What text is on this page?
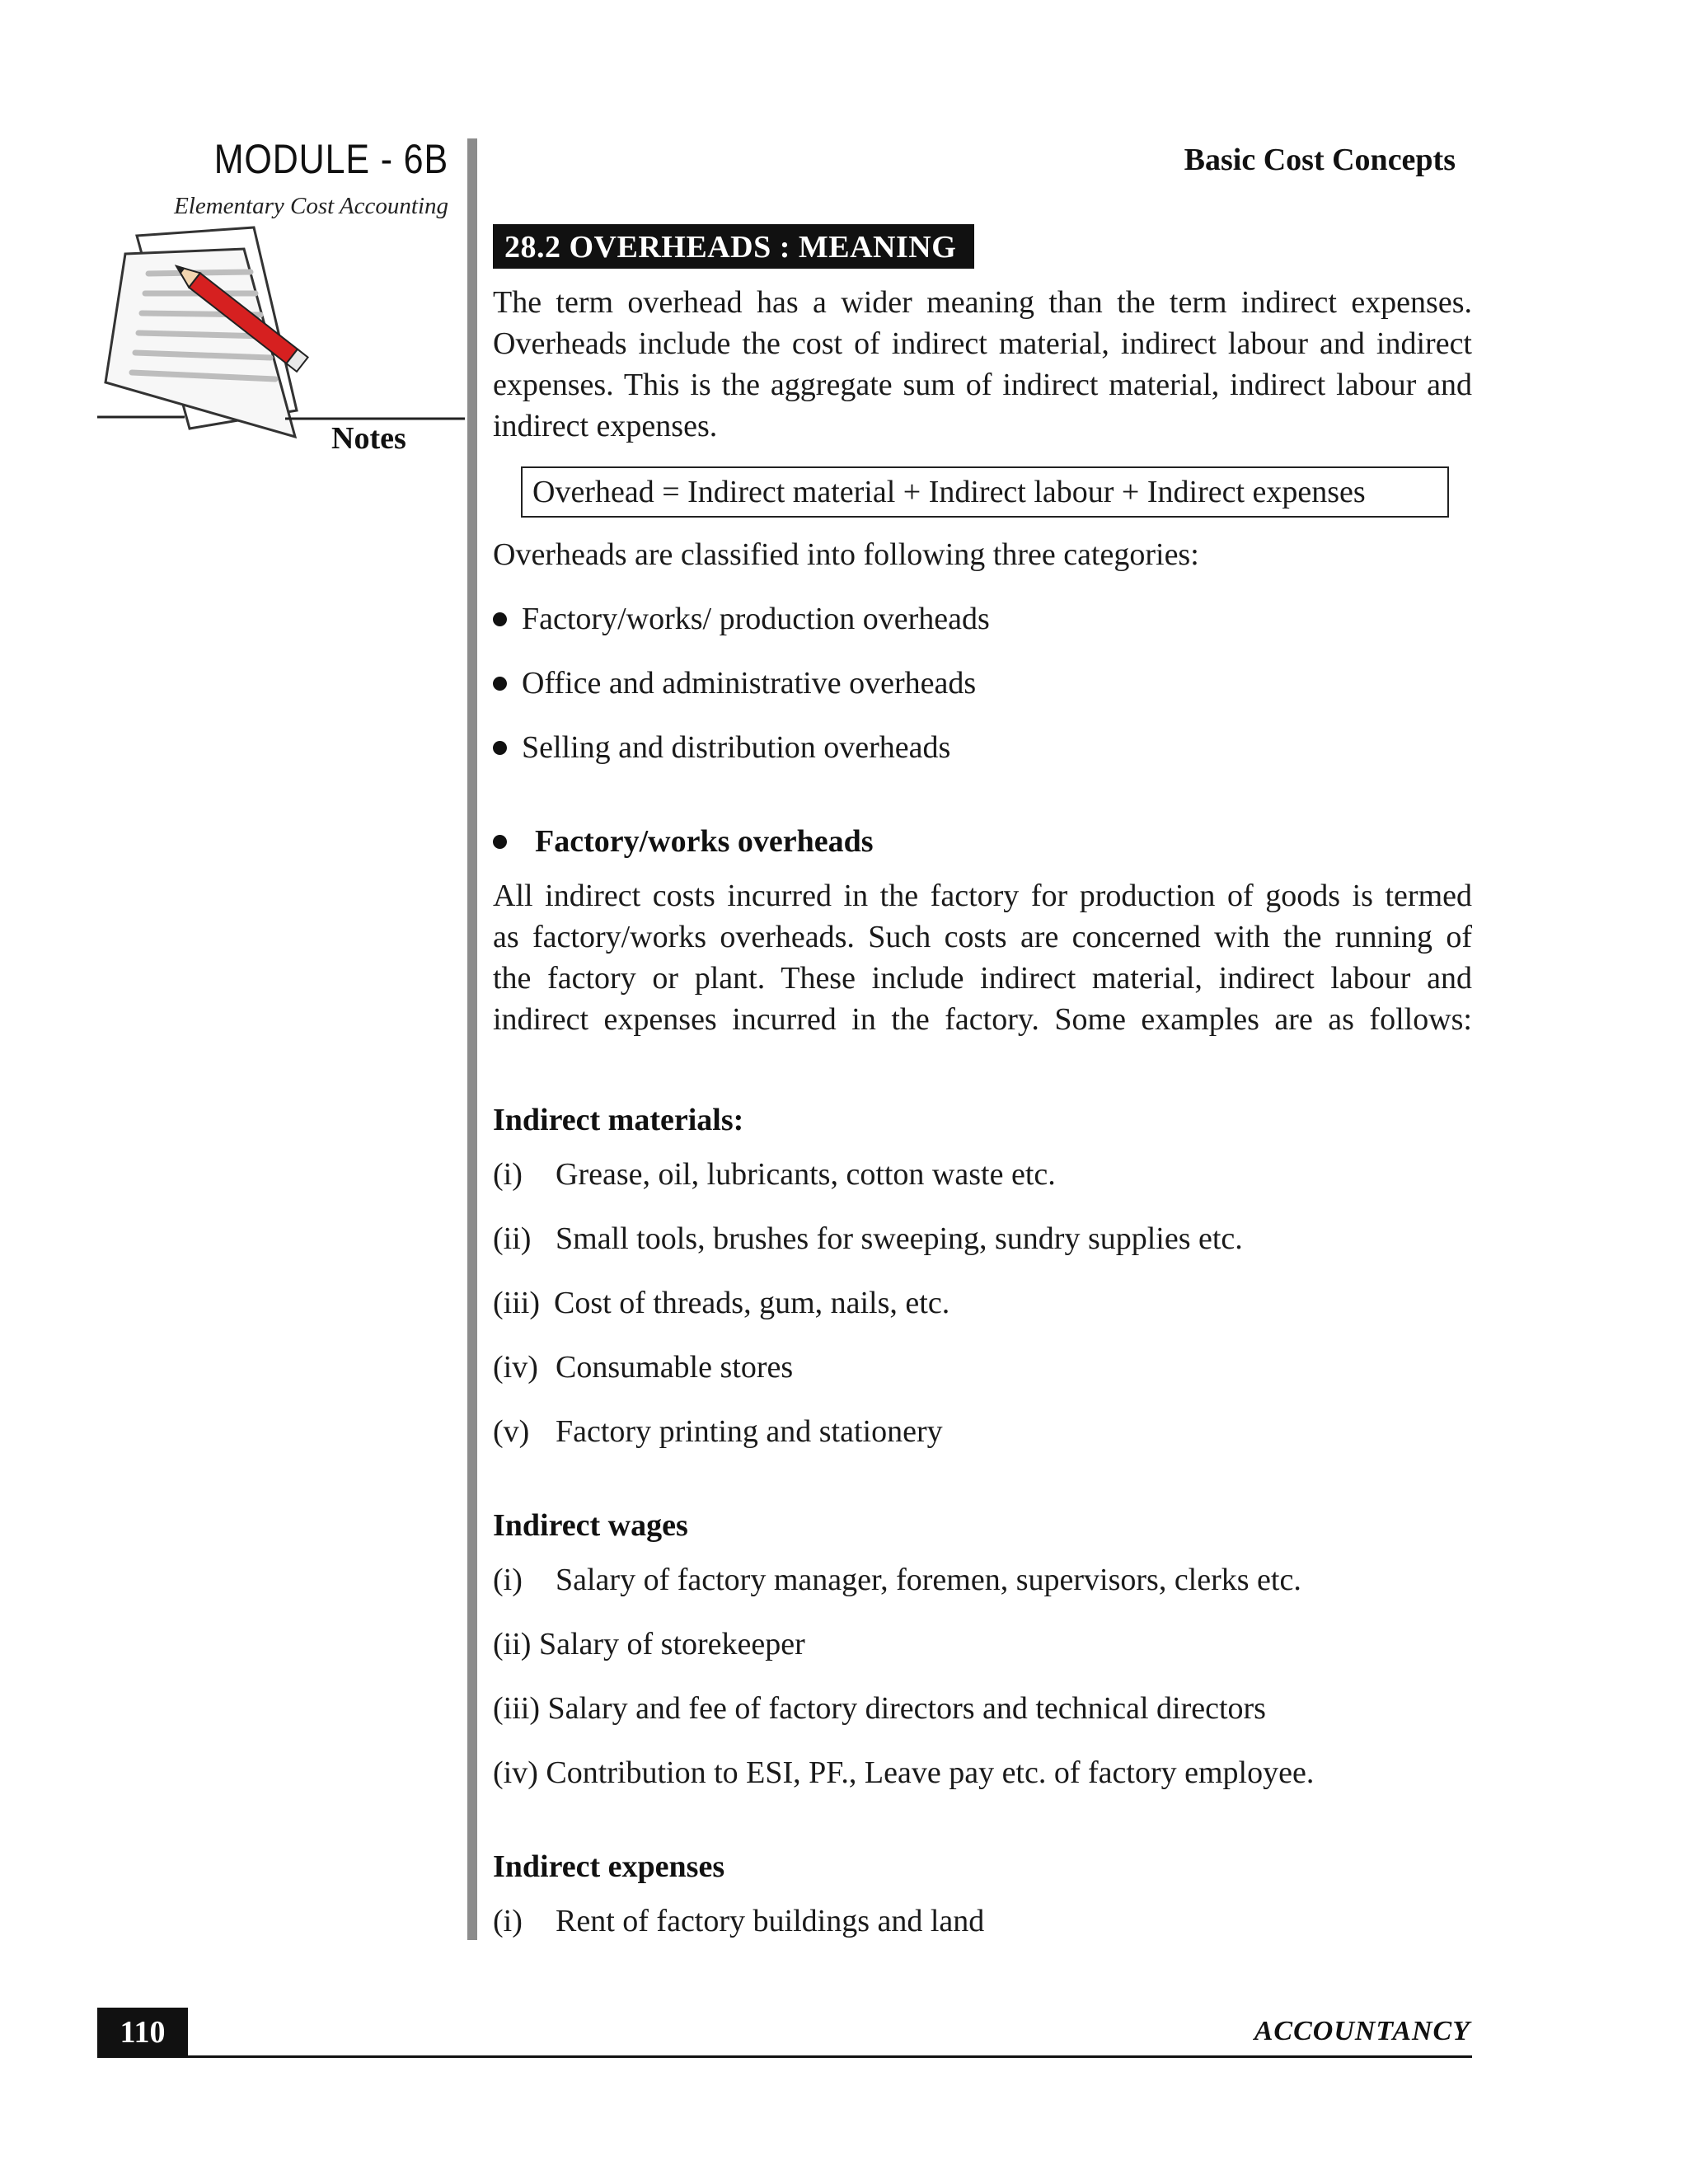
MODULE - 6B
Elementary Cost Accounting
Notes
Basic Cost Concepts
28.2 OVERHEADS : MEANING
The term overhead has a wider meaning than the term indirect expenses.
Overheads include the cost of indirect material, indirect labour and indirect
expenses. This is the aggregate sum of indirect material, indirect labour and
indirect expenses.
Overhead = Indirect material + Indirect labour + Indirect expenses
Overheads are classified into following three categories:
Factory/works/ production overheads
Office and administrative overheads
Selling and distribution overheads
Factory/works overheads
All indirect costs incurred in the factory for production of goods is termed
as factory/works overheads. Such costs are concerned with the running of
the factory or plant. These include indirect material, indirect labour and
indirect expenses incurred in the factory. Some examples are as follows:
Indirect materials:
(i) Grease, oil, lubricants, cotton waste etc.
(ii) Small tools, brushes for sweeping, sundry supplies etc.
(iii) Cost of threads, gum, nails, etc.
(iv) Consumable stores
(v) Factory printing and stationery
Indirect wages
(i) Salary of factory manager, foremen, supervisors, clerks etc.
(ii) Salary of storekeeper
(iii) Salary and fee of factory directors and technical directors
(iv) Contribution to ESI, PF., Leave pay etc. of factory employee.
Indirect expenses
(i) Rent of factory buildings and land
110	ACCOUNTANCY
